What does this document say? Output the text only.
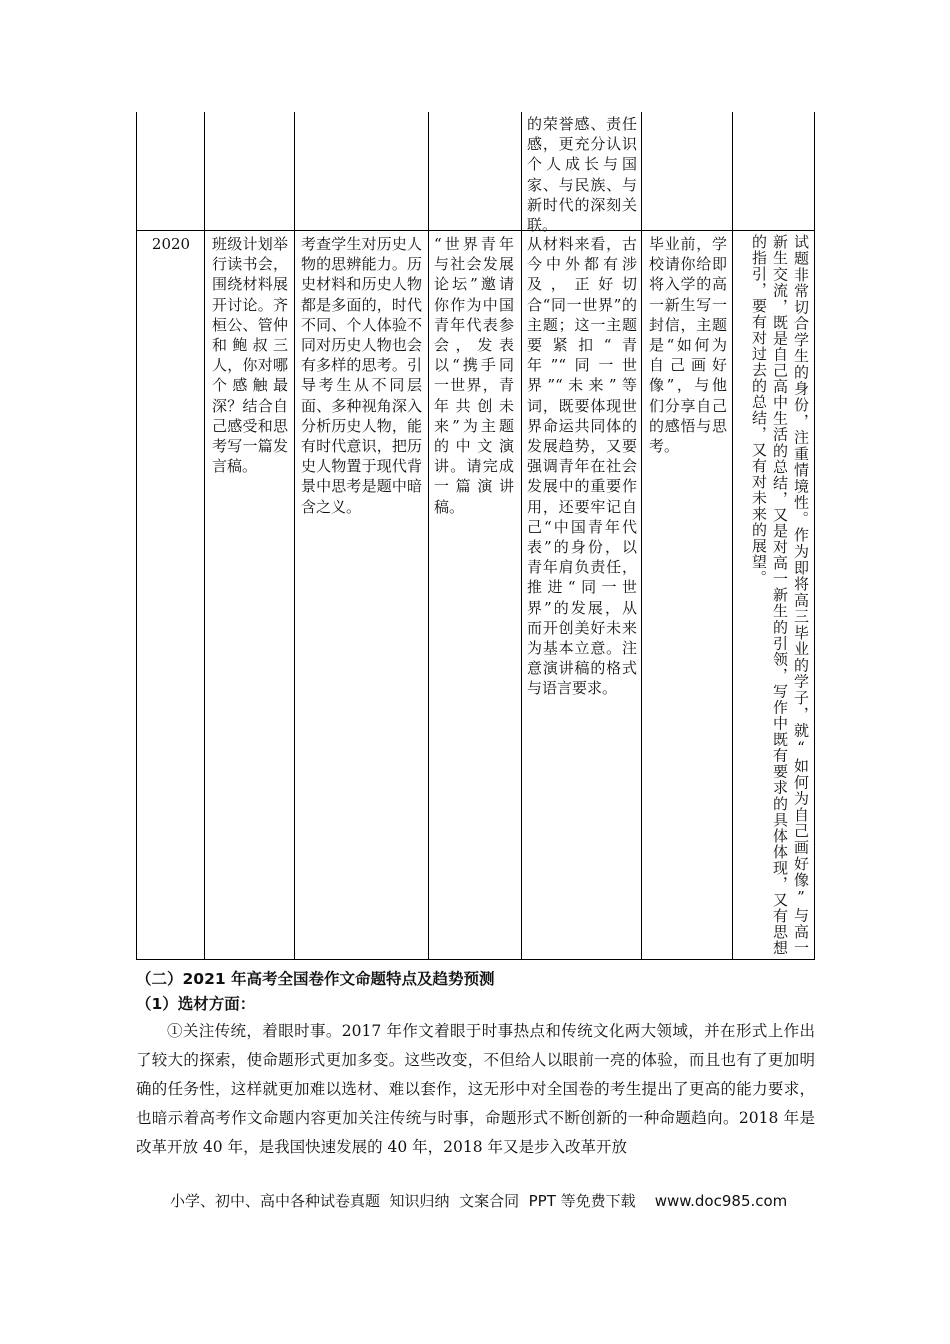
的荣誉感、责任感，更充分认识个人成长与国家、与民族、与新时代的深刻关联。
2020	班级计划举行读书会，围绕材料展开讨论。齐桓公、管仲和鲍叔三人，你对哪个感触最深？结合自己感受和思考写一篇发言稿。
考查学生对历史人物的思辨能力。历史材料和历史人物都是多面的，时代不同、个人体验不同对历史人物也会有多样的思考。引导考生从不同层面、多种视角深入分析历史人物，能有时代意识，把历史人物置于现代背景中思考是题中暗含之义。
“世界青年与社会发展论坛”邀请你作为中国青年代表参会，发表以“携手同一世界，青年共创未来”为主题的中文演讲。请完成一篇演讲稿。
从材料来看，古今中外都有涉及，正好切合“同一世界”的主题；这一主题要紧扣“青年”“同一世界”“未来”等词，既要体现世界命运共同体的发展趋势，又要强调青年在社会发展中的重要作用，还要牢记自己“中国青年代表”的身份，以青年肩负责任，推进“同一世界”的发展，从而开创美好未来为基本立意。注意演讲稿的格式与语言要求。
毕业前，学校请你给即将入学的高一新生写一封信，主题是“如何为自己画好像”，与他们分享自己的感悟与思考。	试题非常切合学生的身份，注重情境性。作为即将高三毕业的学子，就“如何为自己画好像”与高一新生交流，既是自己高中生活的总结，又是对高一新生的引领，写作中既有要求的具体体现，又有思想的指引，要有对过去的总结，又有对未来的展望。
（二）2021 年高考全国卷作文命题特点及趋势预测
（1）选材方面：
①关注传统，着眼时事。2017 年作文着眼于时事热点和传统文化两大领域，并在形式上作出了较大的探索，使命题形式更加多变。这些改变，不但给人以眼前一亮的体验，而且也有了更加明确的任务性，这样就更加难以选材、难以套作，这无形中对全国卷的考生提出了更高的能力要求，也暗示着高考作文命题内容更加关注传统与时事，命题形式不断创新的一种命题趋向。2018 年是改革开放 40 年，是我国快速发展的 40 年，2018 年又是步入改革开放
小学、初中、高中各种试卷真题  知识归纳  文案合同  PPT 等免费下载 www.doc985.com
